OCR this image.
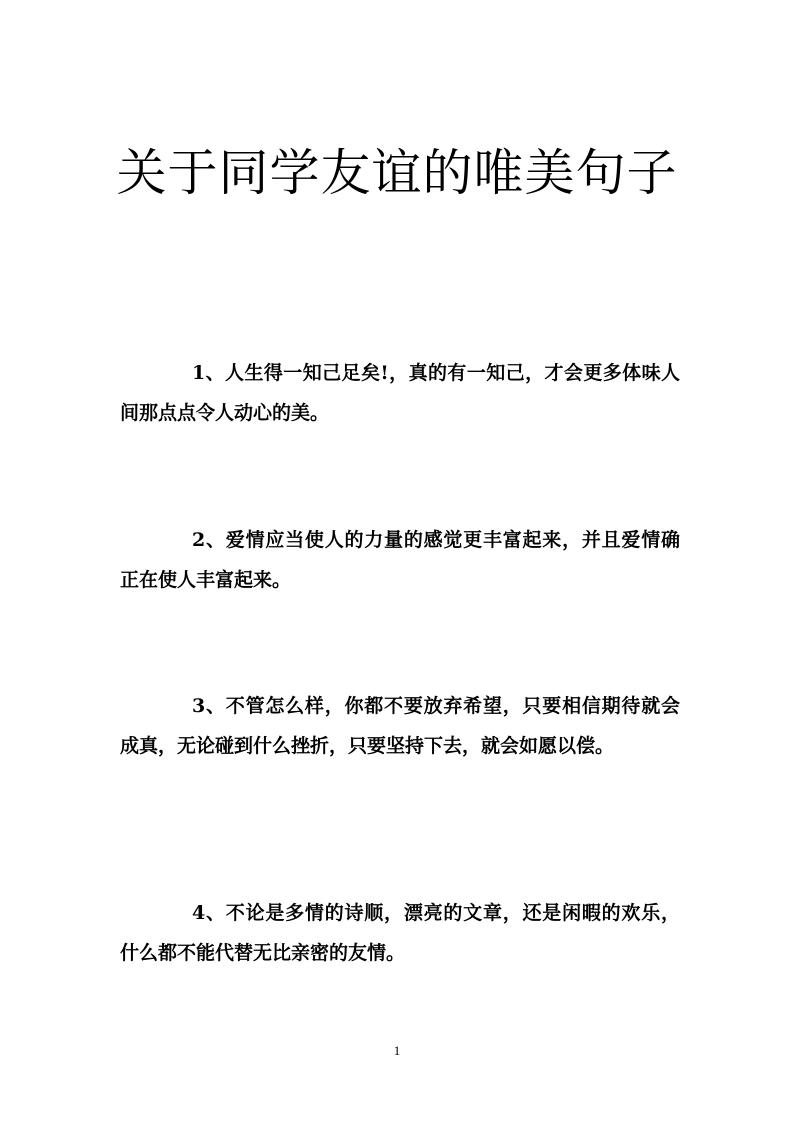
关于同学友谊的唯美句子

1、人生得一知己足矣!，真的有一知己，才会更多体味人间那点点令人动心的美。

2、爱情应当使人的力量的感觉更丰富起来，并且爱情确正在使人丰富起来。

3、不管怎么样，你都不要放弃希望，只要相信期待就会成真，无论碰到什么挫折，只要坚持下去，就会如愿以偿。

4、不论是多情的诗顺，漂亮的文章，还是闲暇的欢乐，什么都不能代替无比亲密的友情。

1
